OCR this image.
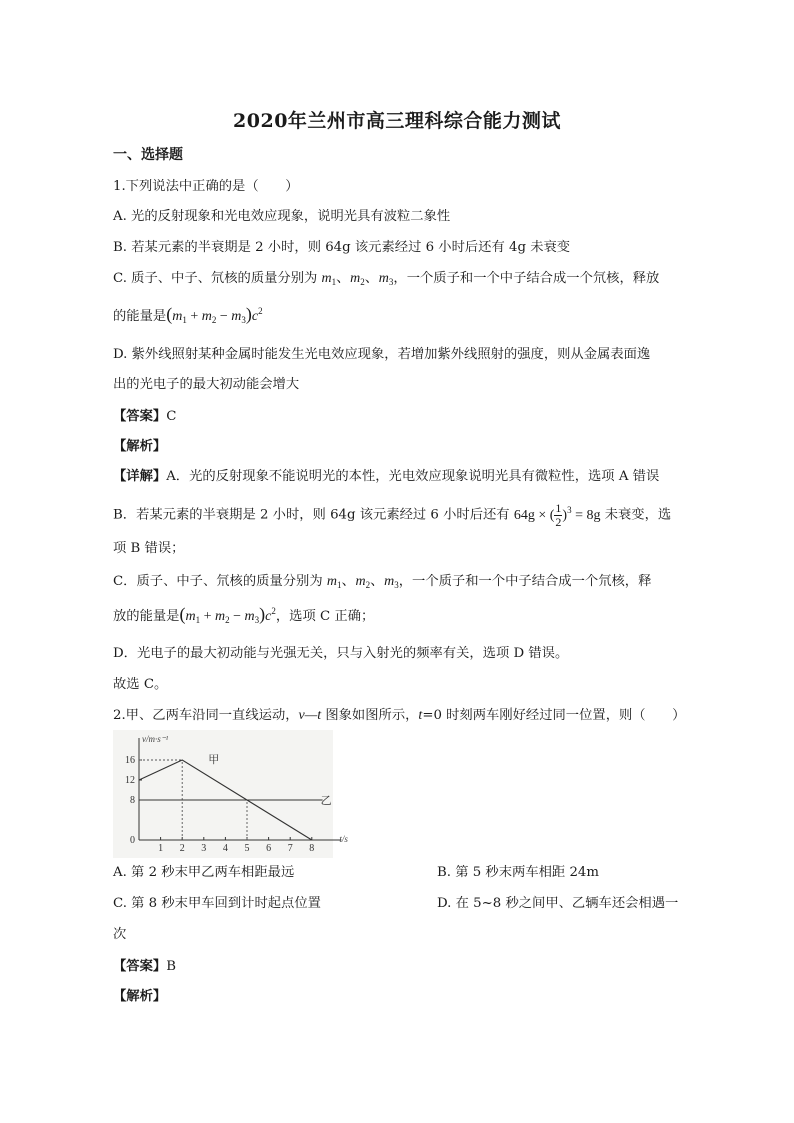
2020年兰州市高三理科综合能力测试
一、选择题
1.下列说法中正确的是（　　）
A. 光的反射现象和光电效应现象，说明光具有波粒二象性
B. 若某元素的半衰期是 2 小时，则 64g 该元素经过 6 小时后还有 4g 未衰变
C. 质子、中子、氘核的质量分别为 $m_1$、$m_2$、$m_3$，一个质子和一个中子结合成一个氘核，释放
的能量是$(m_1 + m_2 - m_3)c^2$
D. 紫外线照射某种金属时能发生光电效应现象，若增加紫外线照射的强度，则从金属表面逸
出的光电子的最大初动能会增大
【答案】C
【解析】
【详解】A．光的反射现象不能说明光的本性，光电效应现象说明光具有微粒性，选项 A 错误
B．若某元素的半衰期是 2 小时，则 64g 该元素经过 6 小时后还有 64g × ( $\frac{1}{2} )^3 = 8g$ 未衰变，选
项 B 错误；
C．质子、中子、氘核的质量分别为 $m_1$、$m_2$、$m_3$，一个质子和一个中子结合成一个氘核，释
放的能量是$(m_1 + m_2 - m_3)c^2$，选项 C 正确；
D．光电子的最大初动能与光强无关，只与入射光的频率有关，选项 D 错误。
故选 C。
2.甲、乙两车沿同一直线运动，v—t 图象如图所示，t=0 时刻两车刚好经过同一位置，则（　　）
t/s
v/m·s⁻¹
16
12
8
0
1 2 3 4 5 6 7 8
甲
乙
A. 第 2 秒末甲乙两车相距最远	B. 第 5 秒末两车相距 24m
C. 第 8 秒末甲车回到计时起点位置	D. 在 5~8 秒之间甲、乙辆车还会相遇一
次
【答案】B
【解析】
